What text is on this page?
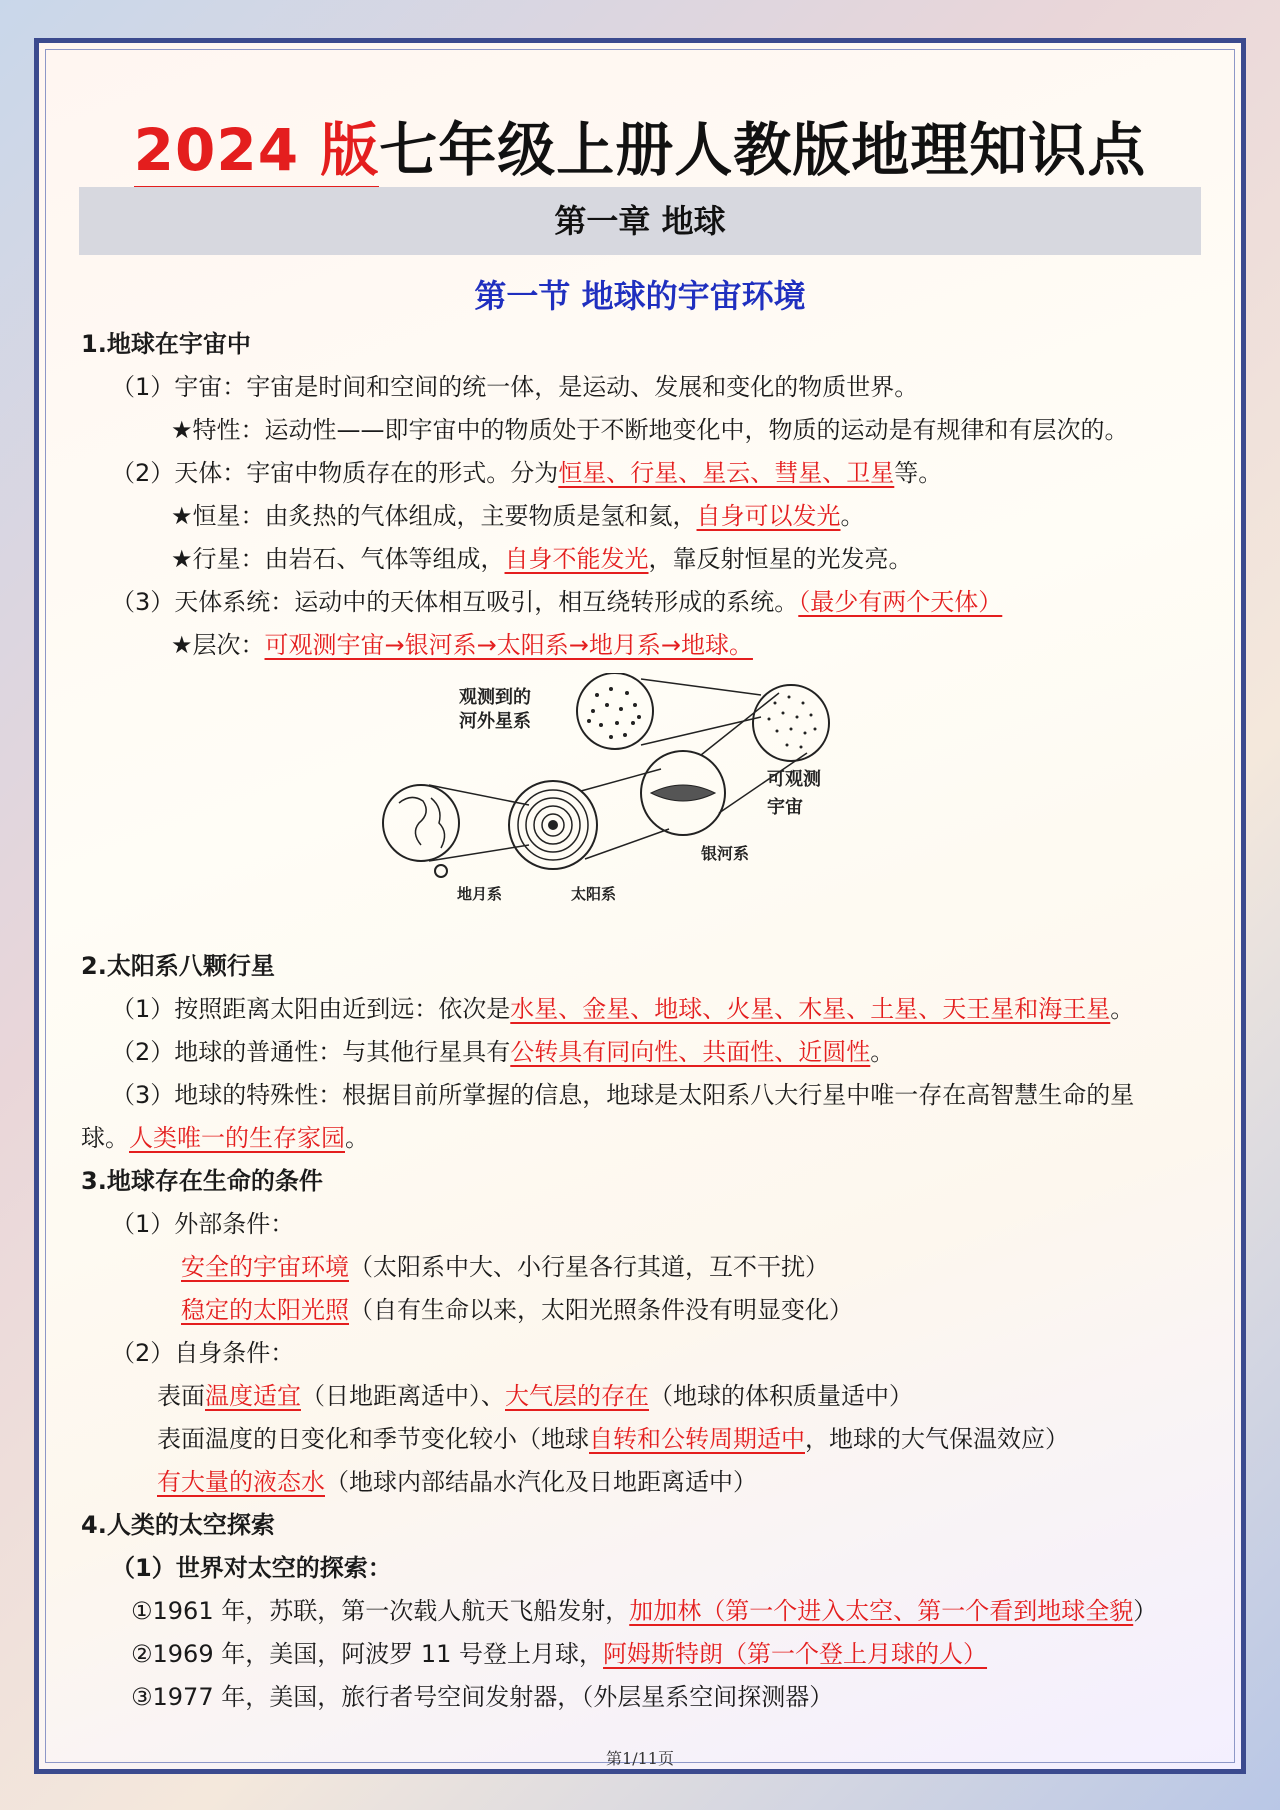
2024 版七年级上册人教版地理知识点
第一章 地球
第一节 地球的宇宙环境
1.地球在宇宙中
（1）宇宙：宇宙是时间和空间的统一体，是运动、发展和变化的物质世界。
★特性：运动性——即宇宙中的物质处于不断地变化中，物质的运动是有规律和有层次的。
（2）天体：宇宙中物质存在的形式。分为恒星、行星、星云、彗星、卫星等。
★恒星：由炙热的气体组成，主要物质是氢和氦，自身可以发光。
★行星：由岩石、气体等组成，自身不能发光，靠反射恒星的光发亮。
（3）天体系统：运动中的天体相互吸引，相互绕转形成的系统。（最少有两个天体）
★层次：可观测宇宙→银河系→太阳系→地月系→地球。
观测到的
河外星系
可观测
宇宙
银河系
太阳系
地月系
2.太阳系八颗行星
（1）按照距离太阳由近到远：依次是水星、金星、地球、火星、木星、土星、天王星和海王星。
（2）地球的普通性：与其他行星具有公转具有同向性、共面性、近圆性。
（3）地球的特殊性：根据目前所掌握的信息，地球是太阳系八大行星中唯一存在高智慧生命的星
球。人类唯一的生存家园。
3.地球存在生命的条件
（1）外部条件：
安全的宇宙环境（太阳系中大、小行星各行其道，互不干扰）
稳定的太阳光照（自有生命以来，太阳光照条件没有明显变化）
（2）自身条件：
表面温度适宜（日地距离适中）、大气层的存在（地球的体积质量适中）
表面温度的日变化和季节变化较小（地球自转和公转周期适中，地球的大气保温效应）
有大量的液态水（地球内部结晶水汽化及日地距离适中）
4.人类的太空探索
（1）世界对太空的探索：
①1961 年，苏联，第一次载人航天飞船发射，加加林（第一个进入太空、第一个看到地球全貌）
②1969 年，美国，阿波罗 11 号登上月球，阿姆斯特朗（第一个登上月球的人）
③1977 年，美国，旅行者号空间发射器，（外层星系空间探测器）
第1/11页
